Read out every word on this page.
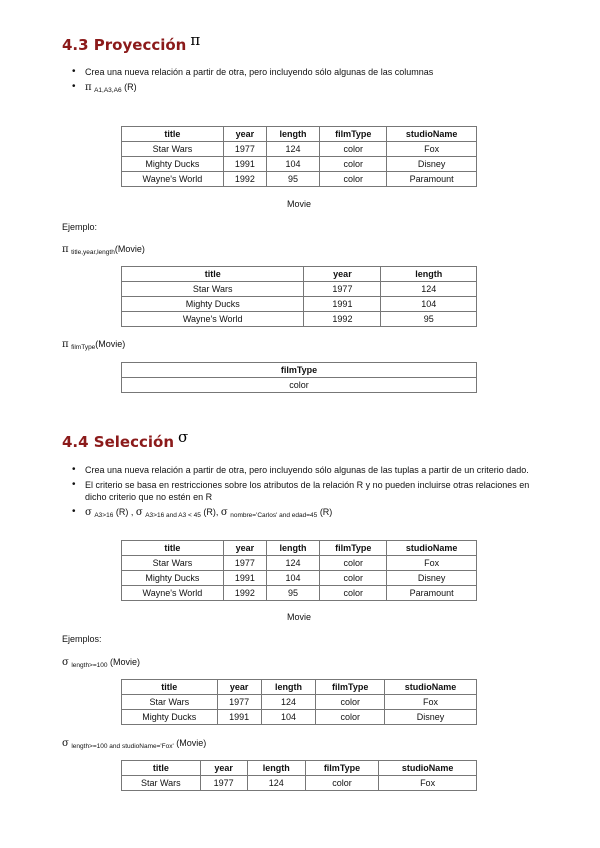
4.3 Proyección π
• Crea una nueva relación a partir de otra, pero incluyendo sólo algunas de las columnas
• π $_{A1,A3,A6}$ (R)
title	year	length	filmType	studioName
Star Wars	1977	124	color	Fox
Mighty Ducks	1991	104	color	Disney
Wayne's World	1992	95	color	Paramount
Movie
Ejemplo:
π $_{title,year,length}$(Movie)
title	year	length
Star Wars	1977	124
Mighty Ducks	1991	104
Wayne's World	1992	95
π $_{filmType}$(Movie)
filmType
color
4.4 Selección σ
• Crea una nueva relación a partir de otra, pero incluyendo sólo algunas de las tuplas a partir de un criterio dado.
• El criterio se basa en restricciones sobre los atributos de la relación R y no pueden incluirse otras relaciones en dicho criterio que no estén en R
• σ $_{A3>16}$ (R) , σ $_{A3>16 and A3 < 45}$ (R), σ $_{nombre='Carlos' and edad=45}$ (R)
title	year	length	filmType	studioName
Star Wars	1977	124	color	Fox
Mighty Ducks	1991	104	color	Disney
Wayne's World	1992	95	color	Paramount
Movie
Ejemplos:
σ $_{length>=100}$ (Movie)
title	year	length	filmType	studioName
Star Wars	1977	124	color	Fox
Mighty Ducks	1991	104	color	Disney
σ $_{length>=100 and studioName='Fox'}$ (Movie)
title	year	length	filmType	studioName
Star Wars	1977	124	color	Fox
